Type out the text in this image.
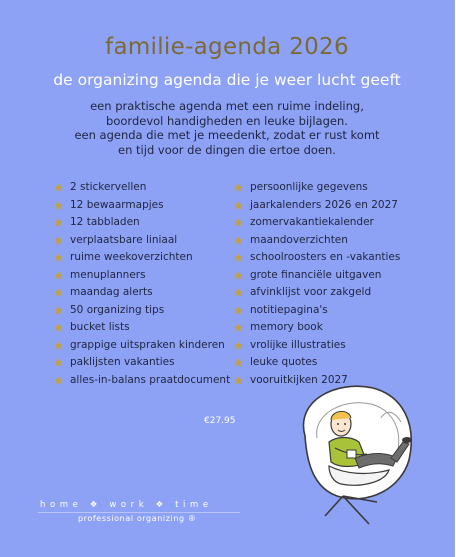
familie-agenda 2026
de organizing agenda die je weer lucht geeft
een praktische agenda met een ruime indeling,
boordevol handigheden en leuke bijlagen.
een agenda die met je meedenkt, zodat er rust komt
en tijd voor de dingen die ertoe doen.
2 stickervellen
12 bewaarmapjes
12 tabbladen
verplaatsbare liniaal
ruime weekoverzichten
menuplanners
maandag alerts
50 organizing tips
bucket lists
grappige uitspraken kinderen
paklijsten vakanties
alles-in-balans praatdocument
persoonlijke gegevens
jaarkalenders 2026 en 2027
zomervakantiekalender
maandoverzichten
schoolroosters en -vakanties
grote financiële uitgaven
afvinklijst voor zakgeld
notitiepagina's
memory book
vrolijke illustraties
leuke quotes
vooruitkijken 2027
€27.95
home ❖ work ❖ time
professional organizing ®
